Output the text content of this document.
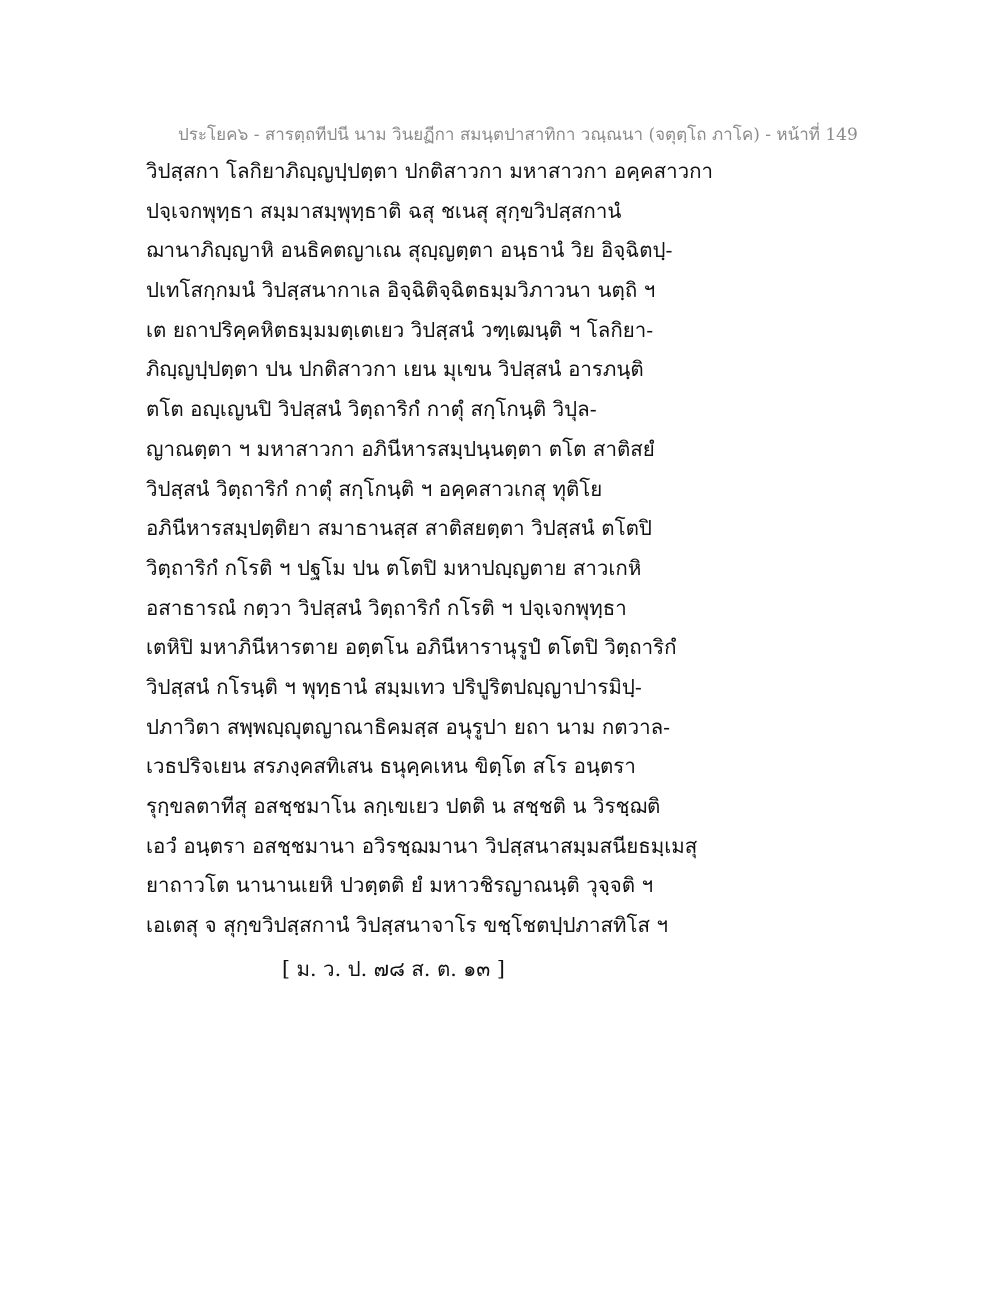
ประโยค๖ - สารตฺถทีปนี นาม วินยฏีกา สมนฺตปาสาทิกา วณฺณนา (จตุตฺโถ ภาโค) - หน้าที่ 149
วิปสฺสกา โลกิยาภิญฺญปฺปตฺตา ปกติสาวกา มหาสาวกา อคฺคสาวกา
ปจฺเจกพุทฺธา สมฺมาสมฺพุทฺธาติ ฉสุ ชเนสุ สุกฺขวิปสฺสกานํ
ฌานาภิญฺญาหิ อนธิคตญาเณ สุญฺญตฺตา อนฺธานํ วิย อิจฺฉิตปฺ-
ปเทโสกฺกมนํ วิปสฺสนากาเล อิจฺฉิติจฺฉิตธมฺมวิภาวนา นตฺถิ ฯ
เต ยถาปริคฺคหิตธมฺมมตฺเตเยว วิปสฺสนํ วฑฺเฒนฺติ ฯ โลกิยา-
ภิญฺญปฺปตฺตา ปน ปกติสาวกา เยน มุเขน วิปสฺสนํ อารภนฺติ
ตโต อญฺเญนปิ วิปสฺสนํ วิตฺถาริกํ กาตุํ สกฺโกนฺติ วิปุล-
ญาณตฺตา ฯ มหาสาวกา อภินีหารสมฺปนฺนตฺตา ตโต สาติสยํ
วิปสฺสนํ วิตฺถาริกํ กาตุํ สกฺโกนฺติ ฯ อคฺคสาวเกสุ ทุติโย
อภินีหารสมฺปตฺติยา สมาธานสฺส สาติสยตฺตา วิปสฺสนํ ตโตปิ
วิตฺถาริกํ กโรติ ฯ ปฐโม ปน ตโตปิ มหาปญฺญตาย สาวเกหิ
อสาธารณํ กตฺวา วิปสฺสนํ วิตฺถาริกํ กโรติ ฯ ปจฺเจกพุทฺธา
เตหิปิ มหาภินีหารตาย อตฺตโน อภินีหารานุรูปํ ตโตปิ วิตฺถาริกํ
วิปสฺสนํ กโรนฺติ ฯ พุทฺธานํ สมฺมเทว ปริปูริตปญฺญาปารมิปฺ-
ปภาวิตา สพฺพญฺญุตญาณาธิคมสฺส อนุรูปา ยถา นาม กตวาล-
เวธปริจเยน สรภงฺคสทิเสน ธนุคฺคเหน ขิตฺโต สโร อนฺตรา
รุกฺขลตาทีสุ อสชฺชมาโน ลกฺเขเยว ปตติ น สชฺชติ น วิรชฺฌติ
เอวํ อนฺตรา อสชฺชมานา อวิรชฺฌมานา วิปสฺสนาสมฺมสนียธมฺเมสุ
ยาถาวโต นานานเยหิ ปวตฺตติ ยํ มหาวชิรญาณนฺติ วุจฺจติ ฯ
เอเตสุ จ สุกฺขวิปสฺสกานํ วิปสฺสนาจาโร ขชฺโชตปฺปภาสทิโส ฯ
[ ม. ว. ป. ๗๘ ส. ต. ๑๓ ]
